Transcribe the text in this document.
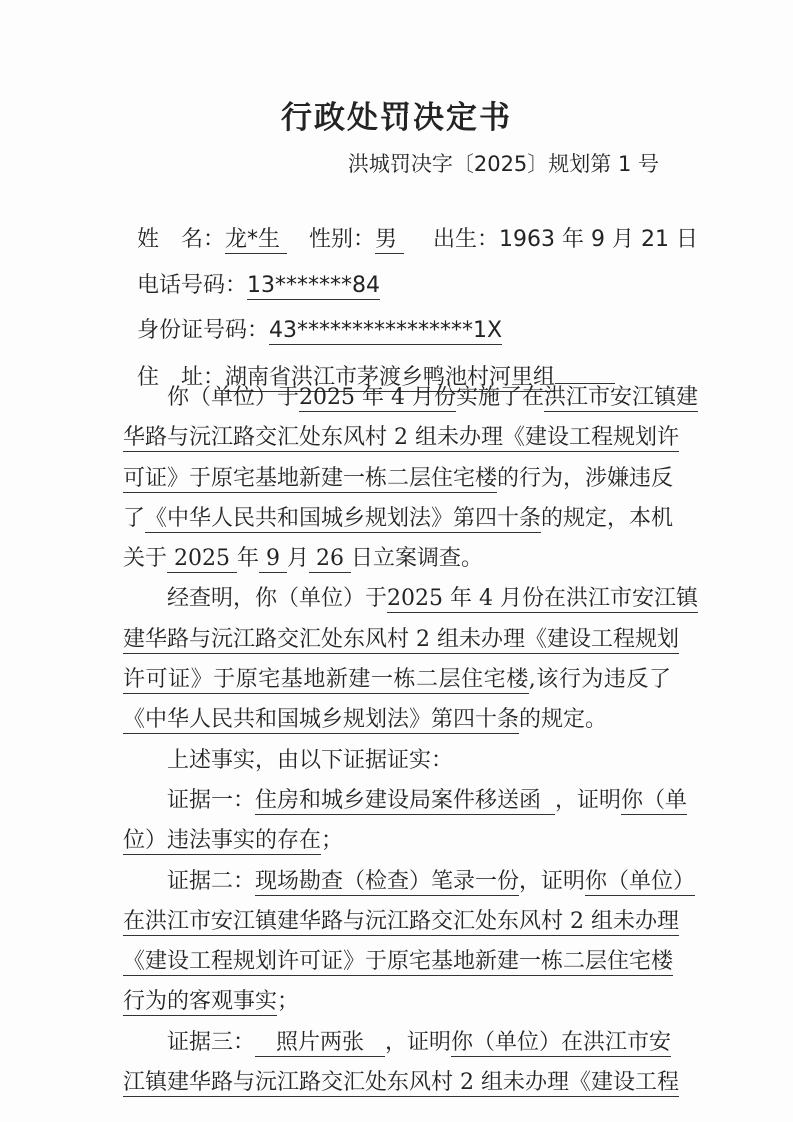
行政处罚决定书
洪城罚决字〔2025〕规划第 1 号

姓　名：龙*生 　性别：男 　 出生：1963 年 9 月 21 日

电话号码：13*******84

身份证号码：43****************1X

住　址：湖南省洪江市茅渡乡鸭池村河里组

你（单位）于2025 年 4 月份实施了在洪江市安江镇建
华路与沅江路交汇处东风村 2 组未办理《建设工程规划许
可证》于原宅基地新建一栋二层住宅楼的行为，涉嫌违反
了《中华人民共和国城乡规划法》第四十条的规定，本机
关于 2025 年 9 月 26 日立案调查。
经查明，你（单位）于2025 年 4 月份在洪江市安江镇
建华路与沅江路交汇处东风村 2 组未办理《建设工程规划
许可证》于原宅基地新建一栋二层住宅楼,该行为违反了
《中华人民共和国城乡规划法》第四十条的规定。
上述事实，由以下证据证实：
证据一：住房和城乡建设局案件移送函  ，证明你（单
位）违法事实的存在；
证据二：现场勘查（检查）笔录一份，证明你（单位）
在洪江市安江镇建华路与沅江路交汇处东风村 2 组未办理
《建设工程规划许可证》于原宅基地新建一栋二层住宅楼
行为的客观事实；
证据三：   照片两张   ，证明你（单位）在洪江市安
江镇建华路与沅江路交汇处东风村 2 组未办理《建设工程
